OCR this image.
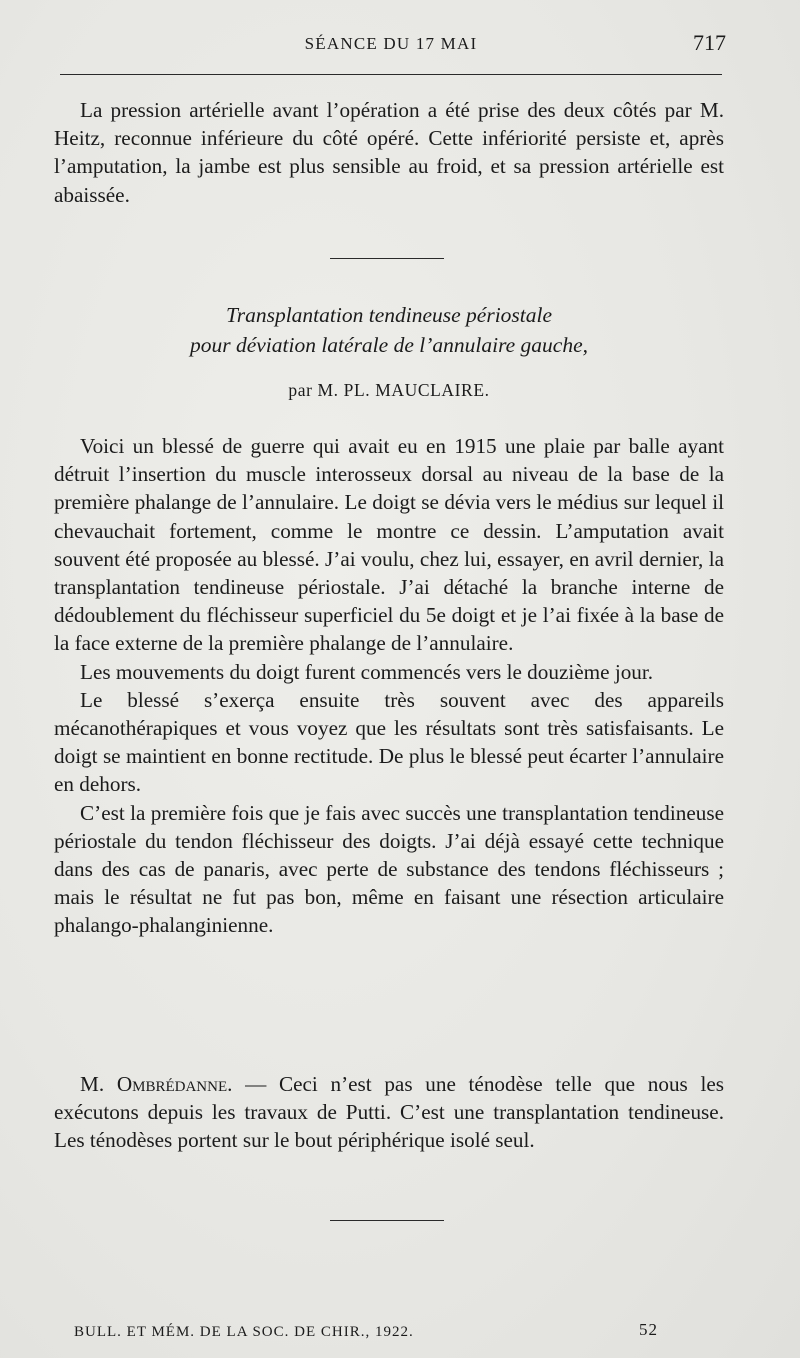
SÉANCE DU 17 MAI	717

La pression artérielle avant l’opération a été prise des deux côtés par M. Heitz, reconnue inférieure du côté opéré. Cette infériorité persiste et, après l’amputation, la jambe est plus sensible au froid, et sa pression artérielle est abaissée.

Transplantation tendineuse périostale
pour déviation latérale de l’annulaire gauche,
par M. PL. MAUCLAIRE.

Voici un blessé de guerre qui avait eu en 1915 une plaie par balle ayant détruit l’insertion du muscle interosseux dorsal au niveau de la base de la première phalange de l’annulaire. Le doigt se dévia vers le médius sur lequel il chevauchait fortement, comme le montre ce dessin. L’amputation avait souvent été proposée au blessé. J’ai voulu, chez lui, essayer, en avril dernier, la transplantation tendineuse périostale. J’ai détaché la branche interne de dédoublement du fléchisseur superficiel du 5e doigt et je l’ai fixée à la base de la face externe de la première phalange de l’annulaire.

Les mouvements du doigt furent commencés vers le douzième jour.

Le blessé s’exerça ensuite très souvent avec des appareils mécanothérapiques et vous voyez que les résultats sont très satisfaisants. Le doigt se maintient en bonne rectitude. De plus le blessé peut écarter l’annulaire en dehors.

C’est la première fois que je fais avec succès une transplantation tendineuse périostale du tendon fléchisseur des doigts. J’ai déjà essayé cette technique dans des cas de panaris, avec perte de substance des tendons fléchisseurs ; mais le résultat ne fut pas bon, même en faisant une résection articulaire phalango-phalanginienne.

M. Ombrédanne. — Ceci n’est pas une ténodèse telle que nous les exécutons depuis les travaux de Putti. C’est une transplantation tendineuse. Les ténodèses portent sur le bout périphérique isolé seul.

BULL. ET MÉM. DE LA SOC. DE CHIR., 1922.	52
